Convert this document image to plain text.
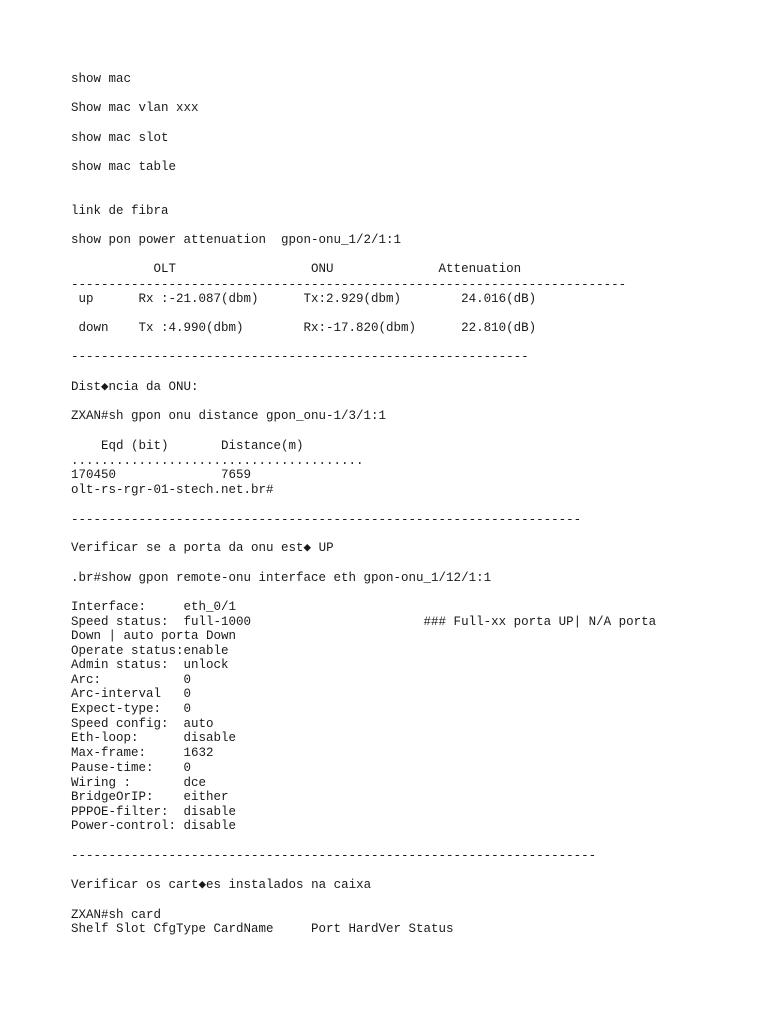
show mac

Show mac vlan xxx

show mac slot

show mac table

link de fibra

show pon power attenuation  gpon-onu_1/2/1:1

OLT                  ONU              Attenuation

--------------------------------------------------------------------------

up      Rx :-21.087(dbm)      Tx:2.929(dbm)        24.016(dB)

down    Tx :4.990(dbm)        Rx:-17.820(dbm)      22.810(dB)

-------------------------------------------------------------

Dist◆ncia da ONU:

ZXAN#sh gpon onu distance gpon_onu-1/3/1:1

Eqd (bit)       Distance(m)

.......................................

170450              7659

olt-rs-rgr-01-stech.net.br#

--------------------------------------------------------------------

Verificar se a porta da onu est◆ UP

.br#show gpon remote-onu interface eth gpon-onu_1/12/1:1

Interface:     eth_0/1

Speed status:  full-1000                       ### Full-xx porta UP| N/A porta

Down | auto porta Down

Operate status:enable

Admin status:  unlock

Arc:           0

Arc-interval   0

Expect-type:   0

Speed config:  auto

Eth-loop:      disable

Max-frame:     1632

Pause-time:    0

Wiring :       dce

BridgeOrIP:    either

PPPOE-filter:  disable

Power-control: disable

----------------------------------------------------------------------

Verificar os cart◆es instalados na caixa

ZXAN#sh card

Shelf Slot CfgType CardName     Port HardVer Status
